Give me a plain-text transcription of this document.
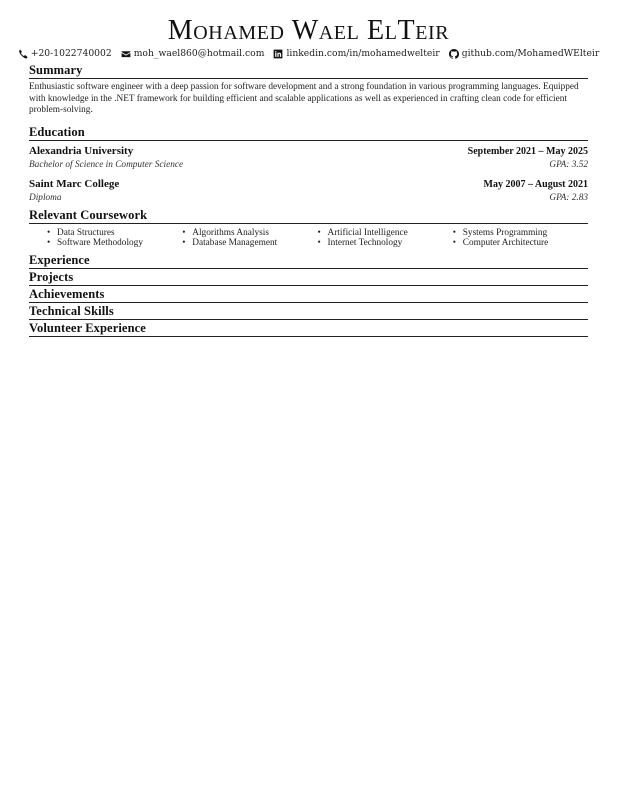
Mohamed Wael ElTeir
+20-1022740002 moh_wael860@hotmail.com linkedin.com/in/mohamedwelteir github.com/MohamedWElteir
Summary
Enthusiastic software engineer with a deep passion for software development and a strong foundation in various programming languages. Equipped with knowledge in the .NET framework for building efficient and scalable applications as well as experienced in crafting clean code for efficient problem-solving.
Education
Alexandria University	September 2021 – May 2025
Bachelor of Science in Computer Science	GPA: 3.52
Saint Marc College	May 2007 – August 2021
Diploma	GPA: 2.83
Relevant Coursework
• Data Structures	• Algorithms Analysis	• Artificial Intelligence	• Systems Programming
• Software Methodology	• Database Management	• Internet Technology	• Computer Architecture
Experience
Projects
Achievements
Technical Skills
Volunteer Experience
